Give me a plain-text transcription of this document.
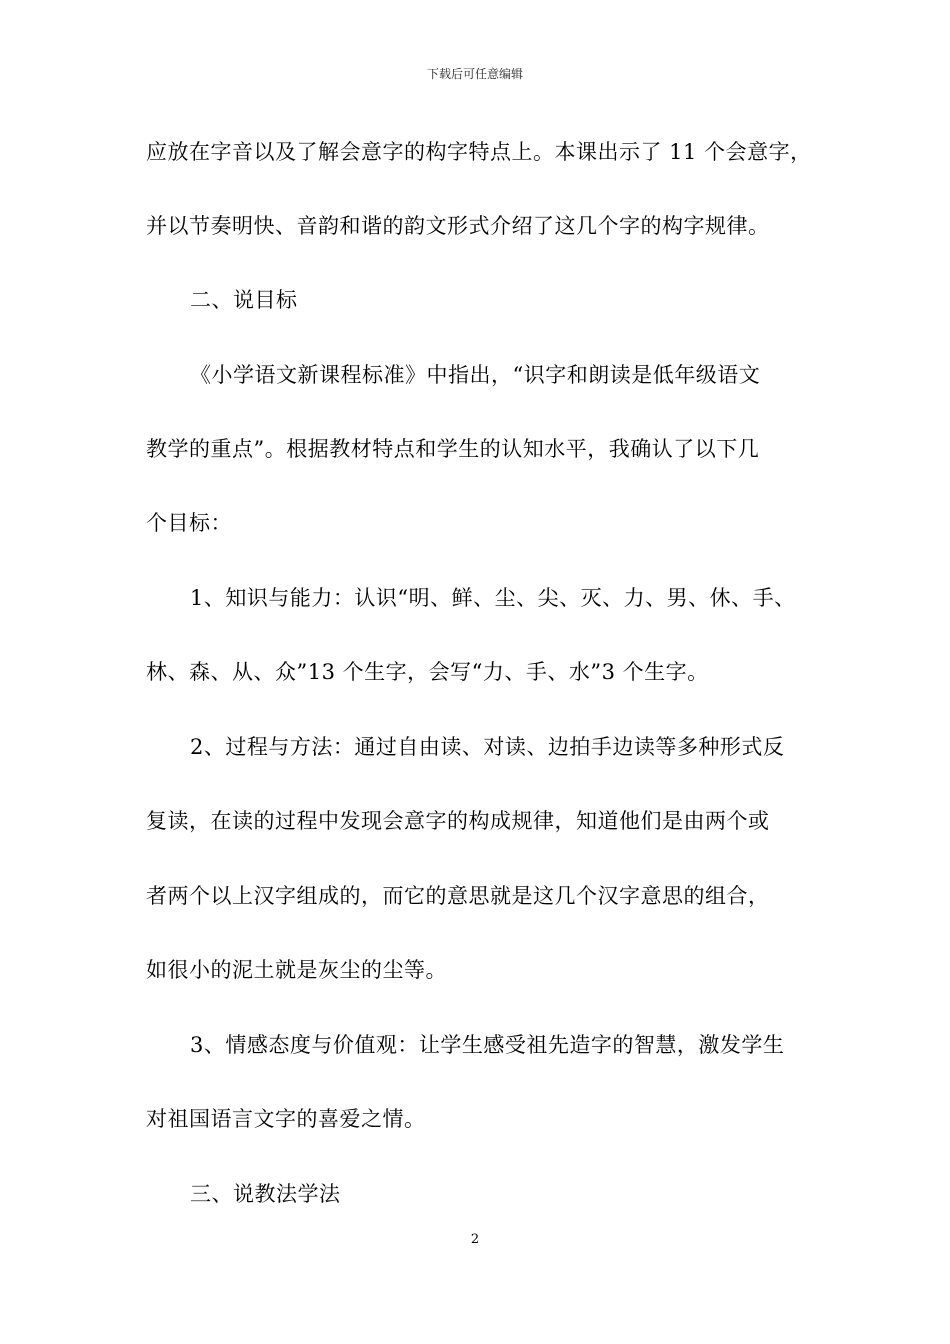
下载后可任意编辑
应放在字音以及了解会意字的构字特点上。本课出示了 11 个会意字，
并以节奏明快、音韵和谐的韵文形式介绍了这几个字的构字规律。
二、说目标
《小学语文新课程标准》中指出，“识字和朗读是低年级语文
教学的重点”。根据教材特点和学生的认知水平，我确认了以下几
个目标：
1、知识与能力：认识“明、鲜、尘、尖、灭、力、男、休、手、
林、森、从、众”13 个生字，会写“力、手、水”3 个生字。
2、过程与方法：通过自由读、对读、边拍手边读等多种形式反
复读，在读的过程中发现会意字的构成规律，知道他们是由两个或
者两个以上汉字组成的，而它的意思就是这几个汉字意思的组合，
如很小的泥土就是灰尘的尘等。
3、情感态度与价值观：让学生感受祖先造字的智慧，激发学生
对祖国语言文字的喜爱之情。
三、说教法学法
2
